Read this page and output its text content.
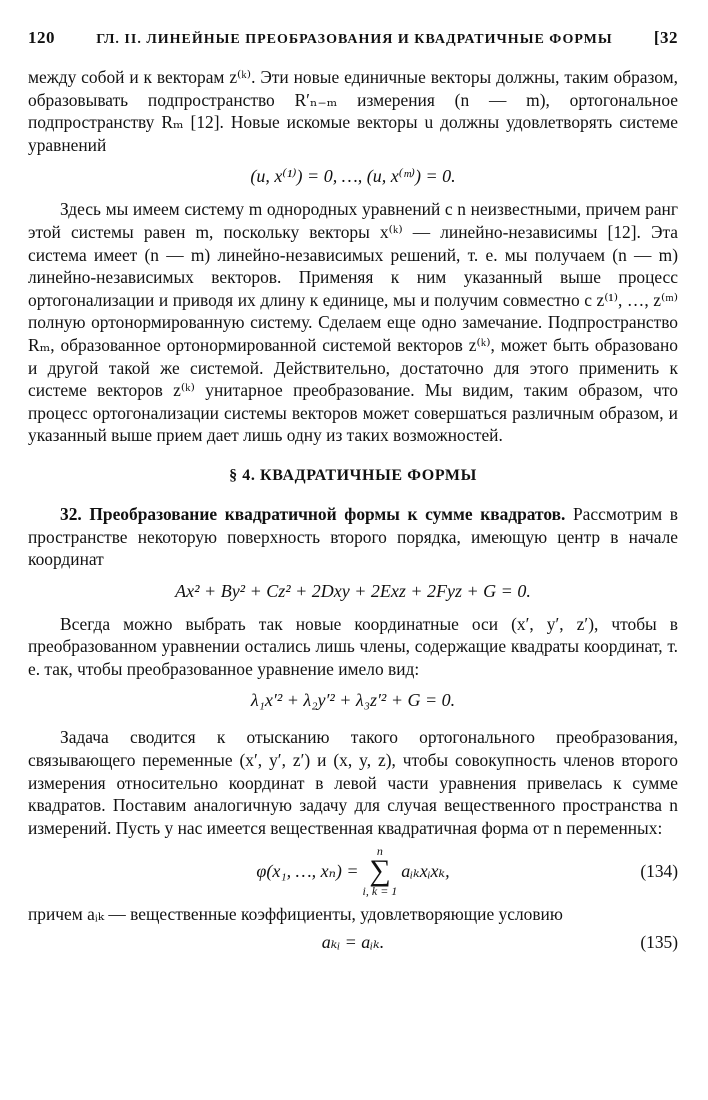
120	ГЛ. II. ЛИНЕЙНЫЕ ПРЕОБРАЗОВАНИЯ И КВАДРАТИЧНЫЕ ФОРМЫ [32

между собой и к векторам z⁽ᵏ⁾. Эти новые единичные векторы должны, таким образом, образовывать подпространство R′ₙ₋ₘ измерения (n — m), ортогональное подпространству Rₘ [12]. Новые искомые векторы u должны удовлетворять системе уравнений

(u, x⁽¹⁾) = 0, …, (u, x⁽ᵐ⁾) = 0.

Здесь мы имеем систему m однородных уравнений с n неизвестными, причем ранг этой системы равен m, поскольку векторы x⁽ᵏ⁾ — линейно-независимы [12]. Эта система имеет (n — m) линейно-независимых решений, т. е. мы получаем (n — m) линейно-независимых векторов. Применяя к ним указанный выше процесс ортогонализации и приводя их длину к единице, мы и получим совместно с z⁽¹⁾, …, z⁽ᵐ⁾ полную ортонормированную систему. Сделаем еще одно замечание. Подпространство Rₘ, образованное ортонормированной системой векторов z⁽ᵏ⁾, может быть образовано и другой такой же системой. Действительно, достаточно для этого применить к системе векторов z⁽ᵏ⁾ унитарное преобразование. Мы видим, таким образом, что процесс ортогонализации системы векторов может совершаться различным образом, и указанный выше прием дает лишь одну из таких возможностей.

§ 4. КВАДРАТИЧНЫЕ ФОРМЫ

32. Преобразование квадратичной формы к сумме квадратов. Рассмотрим в пространстве некоторую поверхность второго порядка, имеющую центр в начале координат

Ax² + By² + Cz² + 2Dxy + 2Exz + 2Fyz + G = 0.

Всегда можно выбрать так новые координатные оси (x′, y′, z′), чтобы в преобразованном уравнении остались лишь члены, содержащие квадраты координат, т. е. так, чтобы преобразованное уравнение имело вид:

λ₁x′² + λ₂y′² + λ₃z′² + G = 0.

Задача сводится к отысканию такого ортогонального преобразования, связывающего переменные (x′, y′, z′) и (x, y, z), чтобы совокупность членов второго измерения относительно координат в левой части уравнения привелась к сумме квадратов. Поставим аналогичную задачу для случая вещественного пространства n измерений. Пусть у нас имеется вещественная квадратичная форма от n переменных:

φ(x₁, …, xₙ) =
n
∑
i, k = 1
aᵢₖxᵢxₖ,	(134)

причем aᵢₖ — вещественные коэффициенты, удовлетворяющие условию

aₖᵢ = aᵢₖ.	(135)
